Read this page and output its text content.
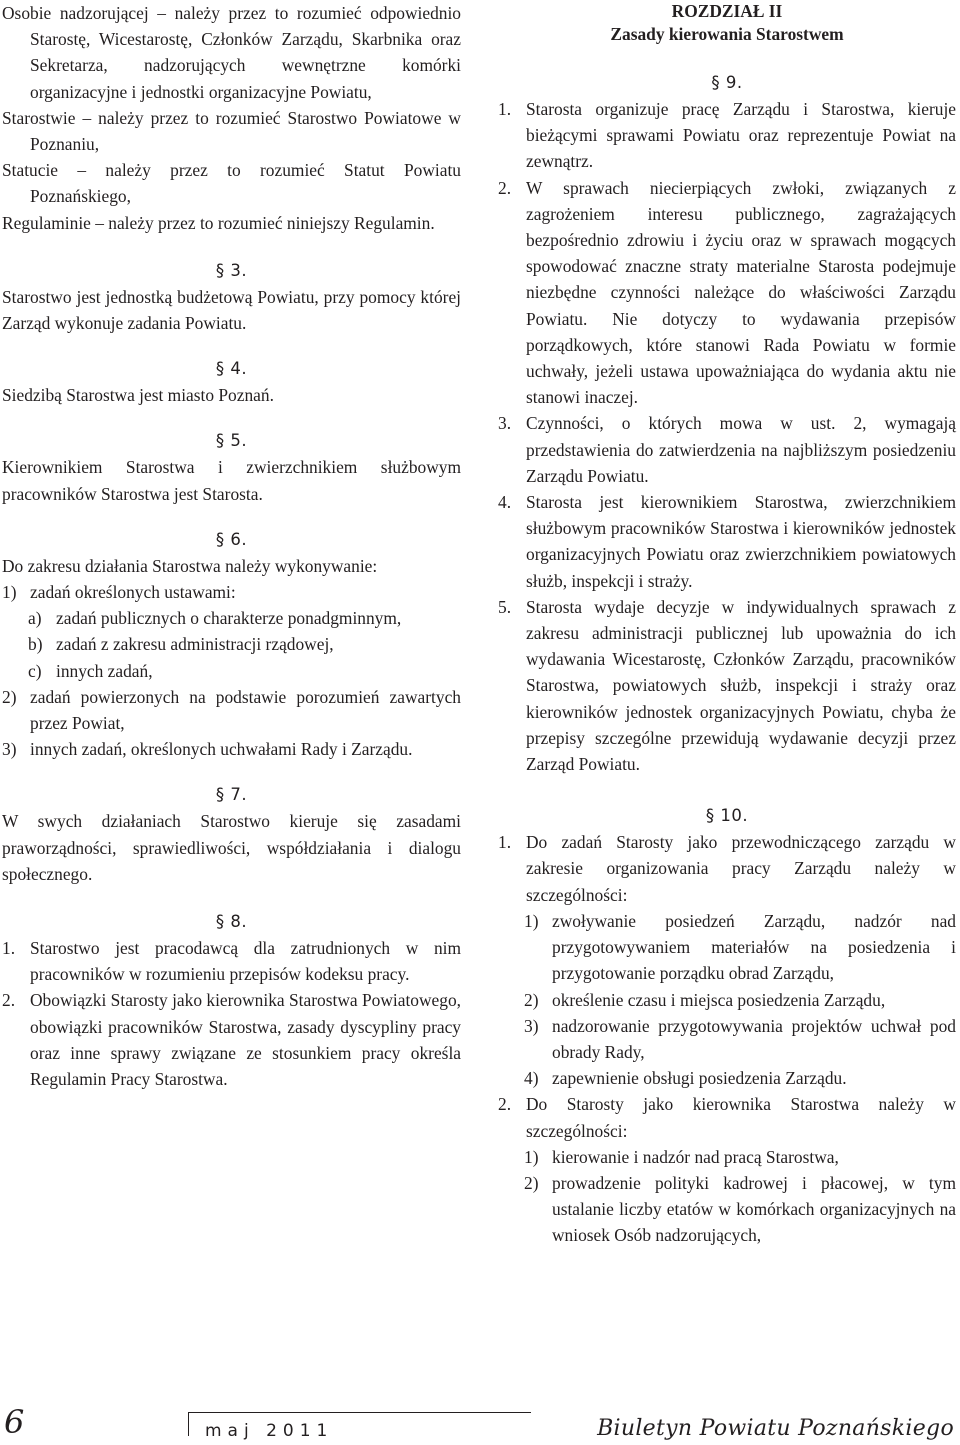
Osobie nadzorującej – należy przez to rozumieć odpowiednio Starostę, Wicestarostę, Członków Zarządu, Skarbnika oraz Sekretarza, nadzorujących wewnętrzne komórki organizacyjne i jednostki organizacyjne Powiatu,

Starostwie – należy przez to rozumieć Starostwo Powiatowe w Poznaniu,

Statucie – należy przez to rozumieć Statut Powiatu Poznańskiego,

Regulaminie – należy przez to rozumieć niniejszy Regulamin.

§ 3.

Starostwo jest jednostką budżetową Powiatu, przy pomocy której Zarząd wykonuje zadania Powiatu.

§ 4.

Siedzibą Starostwa jest miasto Poznań.

§ 5.

Kierownikiem Starostwa i zwierzchnikiem służbowym pracowników Starostwa jest Starosta.

§ 6.

Do zakresu działania Starostwa należy wykonywanie:

1) zadań określonych ustawami:
a) zadań publicznych o charakterze ponadgminnym,
b) zadań z zakresu administracji rządowej,
c) innych zadań,
2) zadań powierzonych na podstawie porozumień zawartych przez Powiat,
3) innych zadań, określonych uchwałami Rady i Zarządu.

§ 7.

W swych działaniach Starostwo kieruje się zasadami praworządności, sprawiedliwości, współdziałania i dialogu społecznego.

§ 8.

1. Starostwo jest pracodawcą dla zatrudnionych w nim pracowników w rozumieniu przepisów kodeksu pracy.
2. Obowiązki Starosty jako kierownika Starostwa Powiatowego, obowiązki pracowników Starostwa, zasady dyscypliny pracy oraz inne sprawy związane ze stosunkiem pracy określa Regulamin Pracy Starostwa.

ROZDZIAŁ II

Zasady kierowania Starostwem

§ 9.

1. Starosta organizuje pracę Zarządu i Starostwa, kieruje bieżącymi sprawami Powiatu oraz reprezentuje Powiat na zewnątrz.
2. W sprawach niecierpiących zwłoki, związanych z zagrożeniem interesu publicznego, zagrażających bezpośrednio zdrowiu i życiu oraz w sprawach mogących spowodować znaczne straty materialne Starosta podejmuje niezbędne czynności należące do właściwości Zarządu Powiatu. Nie dotyczy to wydawania przepisów porządkowych, które stanowi Rada Powiatu w formie uchwały, jeżeli ustawa upoważniająca do wydania aktu nie stanowi inaczej.
3. Czynności, o których mowa w ust. 2, wymagają przedstawienia do zatwierdzenia na najbliższym posiedzeniu Zarządu Powiatu.
4. Starosta jest kierownikiem Starostwa, zwierzchnikiem służbowym pracowników Starostwa i kierowników jednostek organizacyjnych Powiatu oraz zwierzchnikiem powiatowych służb, inspekcji i straży.
5. Starosta wydaje decyzje w indywidualnych sprawach z zakresu administracji publicznej lub upoważnia do ich wydawania Wicestarostę, Członków Zarządu, pracowników Starostwa, powiatowych służb, inspekcji i straży oraz kierowników jednostek organizacyjnych Powiatu, chyba że przepisy szczególne przewidują wydawanie decyzji przez Zarząd Powiatu.

§ 10.

1. Do zadań Starosty jako przewodniczącego zarządu w zakresie organizowania pracy Zarządu należy w szczególności:
1) zwoływanie posiedzeń Zarządu, nadzór nad przygotowywaniem materiałów na posiedzenia i przygotowanie porządku obrad Zarządu,
2) określenie czasu i miejsca posiedzenia Zarządu,
3) nadzorowanie przygotowywania projektów uchwał pod obrady Rady,
4) zapewnienie obsługi posiedzenia Zarządu.
2. Do Starosty jako kierownika Starostwa należy w szczególności:
1) kierowanie i nadzór nad pracą Starostwa,
2) prowadzenie polityki kadrowej i płacowej, w tym ustalanie liczby etatów w komórkach organizacyjnych na wniosek Osób nadzorujących,
6	maj 2011	Biuletyn Powiatu Poznańskiego
